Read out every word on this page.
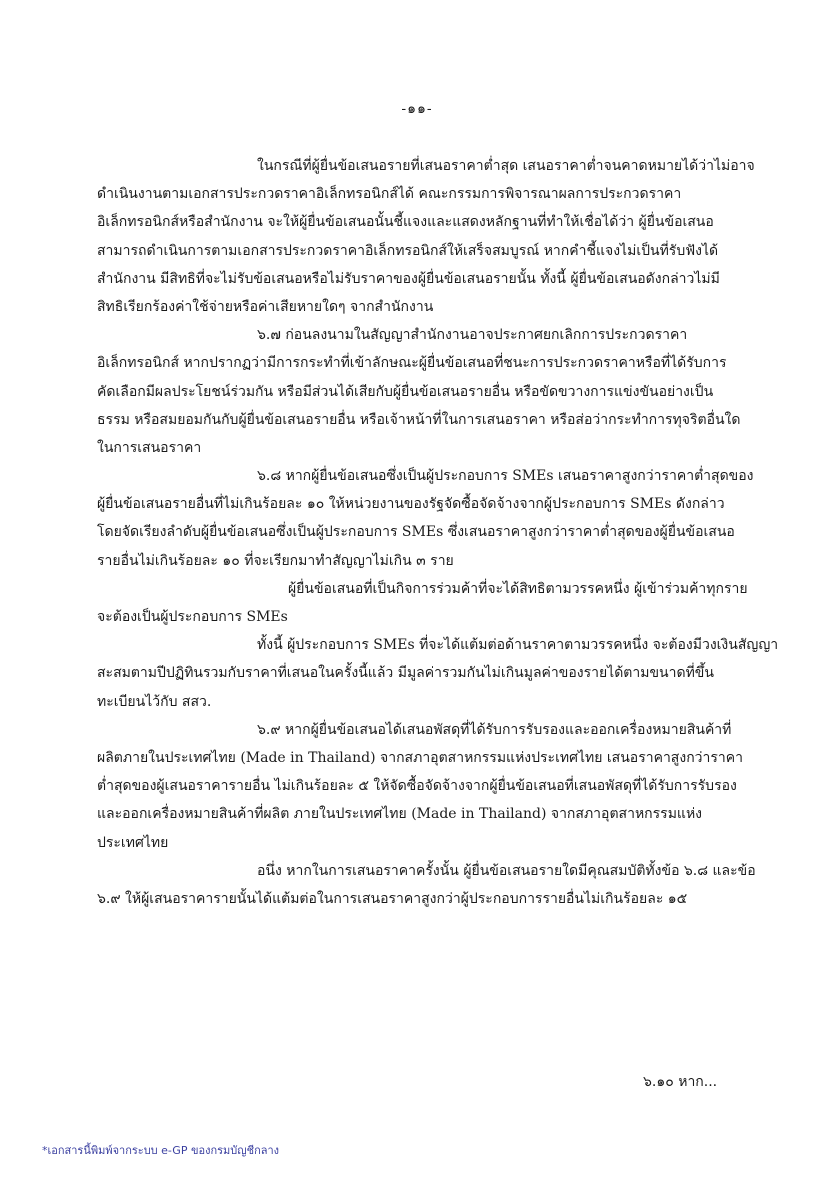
-๑๑-
ในกรณีที่ผู้ยื่นข้อเสนอรายที่เสนอราคาต่ำสุด เสนอราคาต่ำจนคาดหมายได้ว่าไม่อาจ
ดำเนินงานตามเอกสารประกวดราคาอิเล็กทรอนิกส์ได้ คณะกรรมการพิจารณาผลการประกวดราคา
อิเล็กทรอนิกส์หรือสำนักงาน จะให้ผู้ยื่นข้อเสนอนั้นชี้แจงและแสดงหลักฐานที่ทำให้เชื่อได้ว่า ผู้ยื่นข้อเสนอ
สามารถดำเนินการตามเอกสารประกวดราคาอิเล็กทรอนิกส์ให้เสร็จสมบูรณ์ หากคำชี้แจงไม่เป็นที่รับฟังได้
สำนักงาน มีสิทธิที่จะไม่รับข้อเสนอหรือไม่รับราคาของผู้ยื่นข้อเสนอรายนั้น ทั้งนี้ ผู้ยื่นข้อเสนอดังกล่าวไม่มี
สิทธิเรียกร้องค่าใช้จ่ายหรือค่าเสียหายใดๆ จากสำนักงาน
๖.๗ ก่อนลงนามในสัญญาสำนักงานอาจประกาศยกเลิกการประกวดราคา
อิเล็กทรอนิกส์ หากปรากฏว่ามีการกระทำที่เข้าลักษณะผู้ยื่นข้อเสนอที่ชนะการประกวดราคาหรือที่ได้รับการ
คัดเลือกมีผลประโยชน์ร่วมกัน หรือมีส่วนได้เสียกับผู้ยื่นข้อเสนอรายอื่น หรือขัดขวางการแข่งขันอย่างเป็น
ธรรม หรือสมยอมกันกับผู้ยื่นข้อเสนอรายอื่น หรือเจ้าหน้าที่ในการเสนอราคา หรือส่อว่ากระทำการทุจริตอื่นใด
ในการเสนอราคา
๖.๘ หากผู้ยื่นข้อเสนอซึ่งเป็นผู้ประกอบการ SMEs เสนอราคาสูงกว่าราคาต่ำสุดของ
ผู้ยื่นข้อเสนอรายอื่นที่ไม่เกินร้อยละ ๑๐ ให้หน่วยงานของรัฐจัดซื้อจัดจ้างจากผู้ประกอบการ SMEs ดังกล่าว
โดยจัดเรียงลำดับผู้ยื่นข้อเสนอซึ่งเป็นผู้ประกอบการ SMEs ซึ่งเสนอราคาสูงกว่าราคาต่ำสุดของผู้ยื่นข้อเสนอ
รายอื่นไม่เกินร้อยละ ๑๐ ที่จะเรียกมาทำสัญญาไม่เกิน ๓ ราย
ผู้ยื่นข้อเสนอที่เป็นกิจการร่วมค้าที่จะได้สิทธิตามวรรคหนึ่ง ผู้เข้าร่วมค้าทุกราย
จะต้องเป็นผู้ประกอบการ SMEs
ทั้งนี้ ผู้ประกอบการ SMEs ที่จะได้แต้มต่อด้านราคาตามวรรคหนึ่ง จะต้องมีวงเงินสัญญา
สะสมตามปีปฏิทินรวมกับราคาที่เสนอในครั้งนี้แล้ว มีมูลค่ารวมกันไม่เกินมูลค่าของรายได้ตามขนาดที่ขึ้น
ทะเบียนไว้กับ สสว.
๖.๙ หากผู้ยื่นข้อเสนอได้เสนอพัสดุที่ได้รับการรับรองและออกเครื่องหมายสินค้าที่
ผลิตภายในประเทศไทย (Made in Thailand) จากสภาอุตสาหกรรมแห่งประเทศไทย เสนอราคาสูงกว่าราคา
ต่ำสุดของผู้เสนอราคารายอื่น ไม่เกินร้อยละ ๕ ให้จัดซื้อจัดจ้างจากผู้ยื่นข้อเสนอที่เสนอพัสดุที่ได้รับการรับรอง
และออกเครื่องหมายสินค้าที่ผลิต ภายในประเทศไทย (Made in Thailand) จากสภาอุตสาหกรรมแห่ง
ประเทศไทย
อนึ่ง หากในการเสนอราคาครั้งนั้น ผู้ยื่นข้อเสนอรายใดมีคุณสมบัติทั้งข้อ ๖.๘ และข้อ
๖.๙ ให้ผู้เสนอราคารายนั้นได้แต้มต่อในการเสนอราคาสูงกว่าผู้ประกอบการรายอื่นไม่เกินร้อยละ ๑๕
๖.๑๐ หาก...
*เอกสารนี้พิมพ์จากระบบ e-GP ของกรมบัญชีกลาง
